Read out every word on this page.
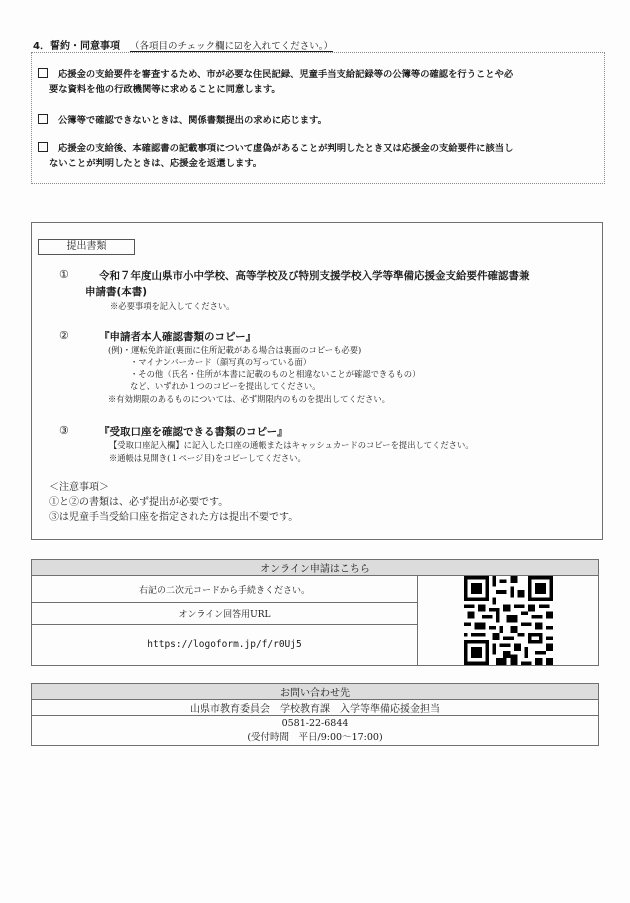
4．誓約・同意事項 （各項目のチェック欄に☑を入れてください。）
応援金の支給要件を審査するため、市が必要な住民記録、児童手当支給記録等の公簿等の確認を行うことや必
要な資料を他の行政機関等に求めることに同意します。
公簿等で確認できないときは、関係書類提出の求めに応じます。
応援金の支給後、本確認書の記載事項について虚偽があることが判明したとき又は応援金の支給要件に該当し
ないことが判明したときは、応援金を返還します。
提出書類
①	令和７年度山県市小中学校、高等学校及び特別支援学校入学等準備応援金支給要件確認書兼
申請書(本書)
※必要事項を記入してください。
②	『申請者本人確認書類のコピー』
(例)・運転免許証(裏面に住所記載がある場合は裏面のコピーも必要)
・マイナンバーカード（顔写真の写っている面）
・その他（氏名・住所が本書に記載のものと相違ないことが確認できるもの）
など、いずれか１つのコピーを提出してください。
※有効期限のあるものについては、必ず期限内のものを提出してください。
③	『受取口座を確認できる書類のコピー』
【受取口座記入欄】に記入した口座の通帳またはキャッシュカードのコピーを提出してください。
※通帳は見開き(１ページ目)をコピーしてください。
＜注意事項＞
①と②の書類は、必ず提出が必要です。
③は児童手当受給口座を指定された方は提出不要です。
オンライン申請はこちら
右記の二次元コードから手続きください。	

オンライン回答用URL
https://logoform.jp/f/r0Uj5
お問い合わせ先
山県市教育委員会　学校教育課　入学等準備応援金担当

0581-22-6844
(受付時間　平日/9:00～17:00)
